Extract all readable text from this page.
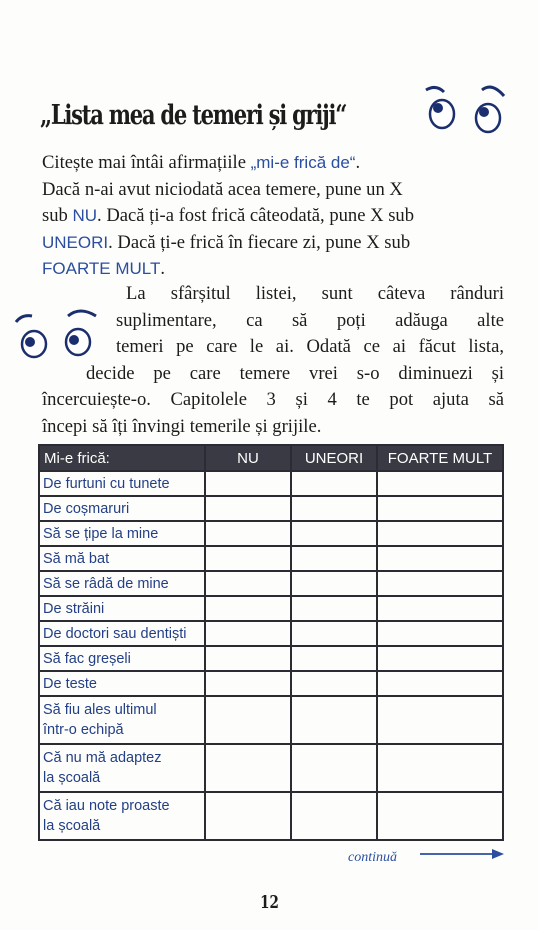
„Lista mea de temeri și griji“
Citește mai întâi afirmațiile „mi-e frică de“.
Dacă n-ai avut niciodată acea temere, pune un X
sub NU. Dacă ți-a fost frică câteodată, pune X sub
UNEORI. Dacă ți-e frică în fiecare zi, pune X sub
FOARTE MULT.
La sfârșitul listei, sunt câteva rânduri
suplimentare, ca să poți adăuga alte
temeri pe care le ai. Odată ce ai făcut lista,
decide pe care temere vrei s-o diminuezi și
încercuiește-o. Capitolele 3 și 4 te pot ajuta să
începi să îți învingi temerile și grijile.
Mi-e frică:	NU	UNEORI	FOARTE MULT
De furtuni cu tunete			
De coșmaruri			
Să se țipe la mine			
Să mă bat			
Să se râdă de mine			
De străini			
De doctori sau dentiști			
Să fac greșeli			
De teste			

Să fiu ales ultimul
într-o echipă			

Că nu mă adaptez
la școală			

Că iau note proaste
la școală			

continuă
12
